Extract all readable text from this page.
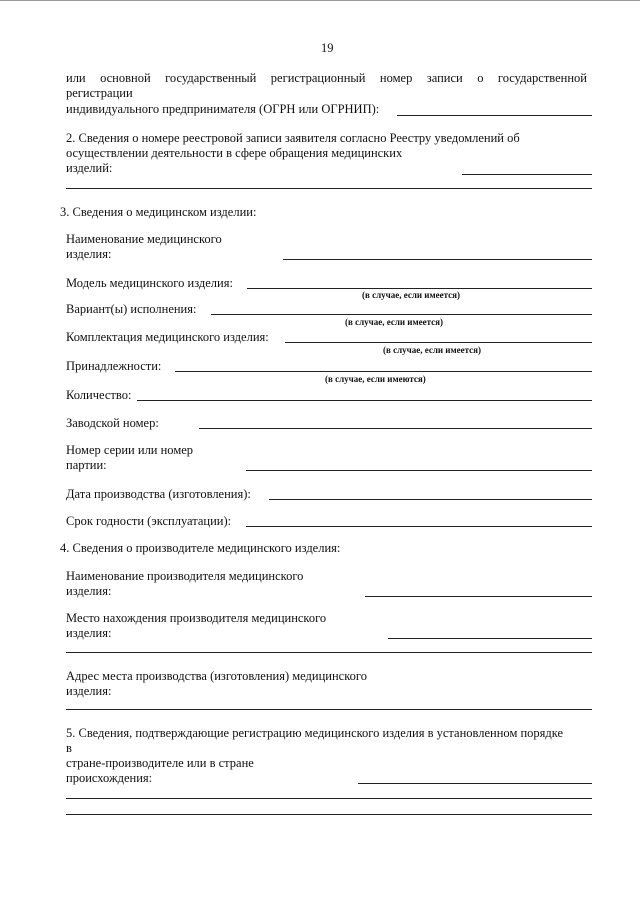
19
или основной государственный регистрационный номер записи о государственной
регистрации
индивидуального предпринимателя (ОГРН или ОГРНИП):
2. Сведения о номере реестровой записи заявителя согласно Реестру уведомлений об
осуществлении деятельности в сфере обращения медицинских
изделий:
3. Сведения о медицинском изделии:
Наименование медицинского
изделия:
Модель медицинского изделия:
(в случае, если имеется)
Вариант(ы) исполнения:
(в случае, если имеется)
Комплектация медицинского изделия:
(в случае, если имеется)
Принадлежности:
(в случае, если имеются)
Количество:
Заводской номер:
Номер серии или номер
партии:
Дата производства (изготовления):
Срок годности (эксплуатации):
4. Сведения о производителе медицинского изделия:
Наименование производителя медицинского
изделия:
Место нахождения производителя медицинского
изделия:
Адрес места производства (изготовления) медицинского
изделия:
5. Сведения, подтверждающие регистрацию медицинского изделия в установленном порядке
в
стране-производителе или в стране
происхождения:
